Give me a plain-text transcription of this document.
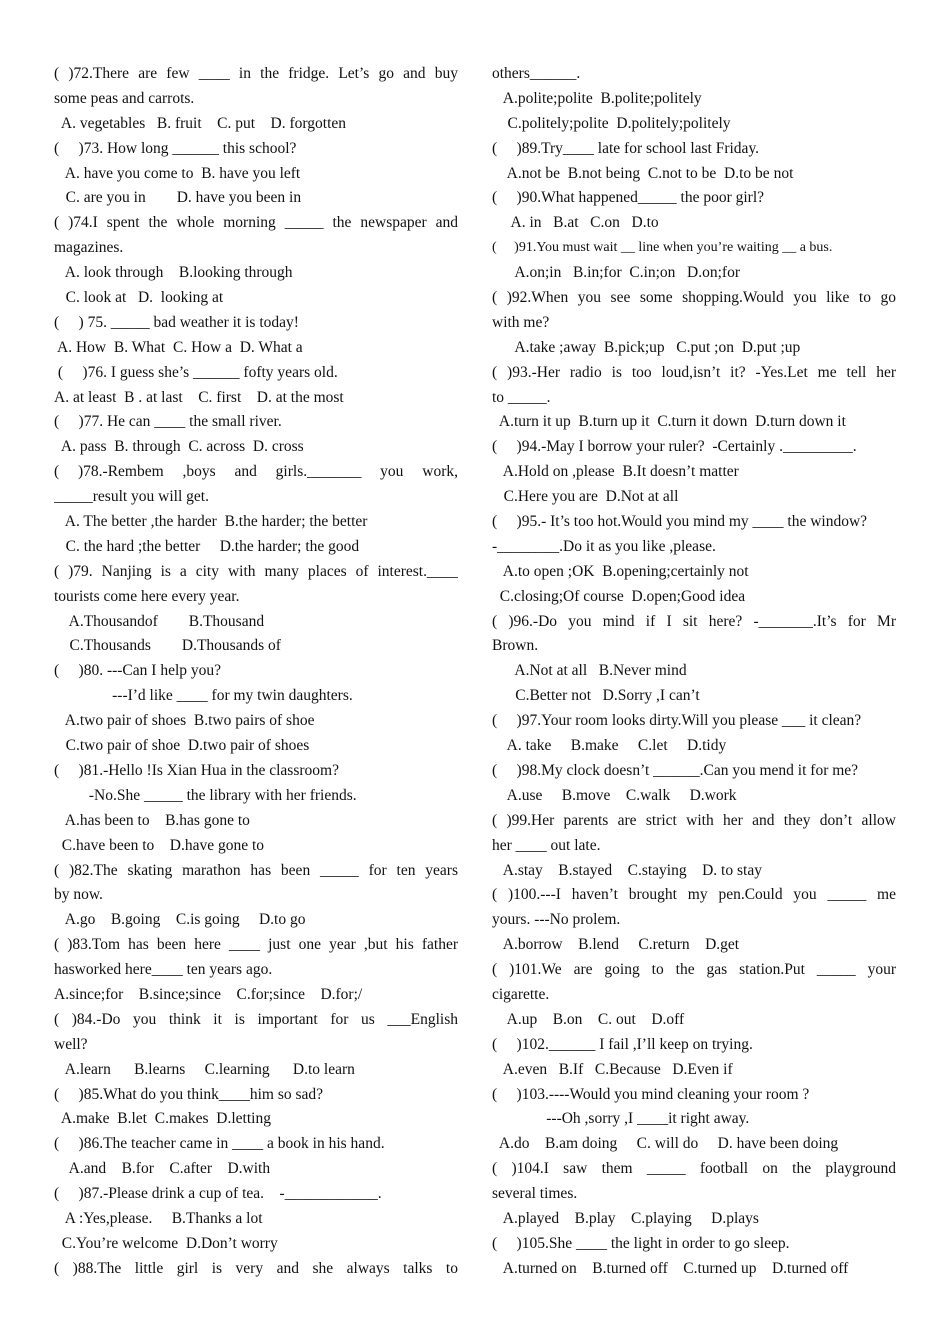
( )72.There are few ____ in the fridge. Let’s go and buy
some peas and carrots.
A. vegetables   B. fruit    C. put    D. forgotten
(     )73. How long ______ this school?
A. have you come to  B. have you left
C. are you in        D. have you been in
( )74.I spent the whole morning _____ the newspaper and
magazines.
A. look through    B.looking through
C. look at   D.  looking at
(     ) 75. _____ bad weather it is today!
A. How  B. What  C. How a  D. What a
(     )76. I guess she’s ______ fofty years old.
A. at least  B . at last    C. first    D. at the most
(     )77. He can ____ the small river.
A. pass  B. through  C. across  D. cross
( )78.-Rembem ,boys and girls._______ you work,
_____result you will get.
A. The better ,the harder  B.the harder; the better
C. the hard ;the better     D.the harder; the good
( )79. Nanjing is a city with many places of interest.____
tourists come here every year.
A.Thousandof        B.Thousand
C.Thousands        D.Thousands of
(     )80. ---Can I help you?
---I’d like ____ for my twin daughters.
A.two pair of shoes  B.two pairs of shoe
C.two pair of shoe  D.two pair of shoes
(     )81.-Hello !Is Xian Hua in the classroom?
-No.She _____ the library with her friends.
A.has been to    B.has gone to
C.have been to    D.have gone to
( )82.The skating marathon has been _____ for ten years
by now.
A.go    B.going    C.is going     D.to go
( )83.Tom has been here ____ just one year ,but his father
hasworked here____ ten years ago.
A.since;for    B.since;since    C.for;since    D.for;/
( )84.-Do you think it is important for us ___English
well?
A.learn      B.learns     C.learning      D.to learn
(     )85.What do you think____him so sad?
A.make  B.let  C.makes  D.letting
(     )86.The teacher came in ____ a book in his hand.
A.and    B.for    C.after    D.with
(     )87.-Please drink a cup of tea.    -____________.
A :Yes,please.     B.Thanks a lot
C.You’re welcome  D.Don’t worry
( )88.The little girl is very and she always talks to
others______.
A.polite;polite  B.polite;politely
C.politely;polite  D.politely;politely
(     )89.Try____ late for school last Friday.
A.not be  B.not being  C.not to be  D.to be not
(     )90.What happened_____ the poor girl?
A. in   B.at   C.on   D.to
(     )91.You must wait __ line when you’re waiting __ a bus.
A.on;in   B.in;for  C.in;on   D.on;for
( )92.When you see some shopping.Would you like to go
with me?
A.take ;away  B.pick;up   C.put ;on  D.put ;up
( )93.-Her radio is too loud,isn’t it? -Yes.Let me tell her
to _____.
A.turn it up  B.turn up it  C.turn it down  D.turn down it
(     )94.-May I borrow your ruler?  -Certainly ._________.
A.Hold on ,please  B.It doesn’t matter
C.Here you are  D.Not at all
(     )95.- It’s too hot.Would you mind my ____ the window?
-________.Do it as you like ,please.
A.to open ;OK  B.opening;certainly not
C.closing;Of course  D.open;Good idea
( )96.-Do you mind if I sit here? -_______.It’s for Mr
Brown.
A.Not at all   B.Never mind
C.Better not   D.Sorry ,I can’t
(     )97.Your room looks dirty.Will you please ___ it clean?
A. take     B.make     C.let     D.tidy
(     )98.My clock doesn’t ______.Can you mend it for me?
A.use     B.move    C.walk     D.work
( )99.Her parents are strict with her and they don’t allow
her ____ out late.
A.stay    B.stayed    C.staying    D. to stay
( )100.---I haven’t brought my pen.Could you _____ me
yours. ---No prolem.
A.borrow    B.lend     C.return    D.get
( )101.We are going to the gas station.Put _____ your
cigarette.
A.up    B.on    C. out    D.off
(     )102.______ I fail ,I’ll keep on trying.
A.even   B.If   C.Because   D.Even if
(     )103.----Would you mind cleaning your room ?
---Oh ,sorry ,I ____it right away.
A.do    B.am doing     C. will do     D. have been doing
( )104.I saw them _____ football on the playground
several times.
A.played    B.play    C.playing     D.plays
(     )105.She ____ the light in order to go sleep.
A.turned on    B.turned off    C.turned up    D.turned off
